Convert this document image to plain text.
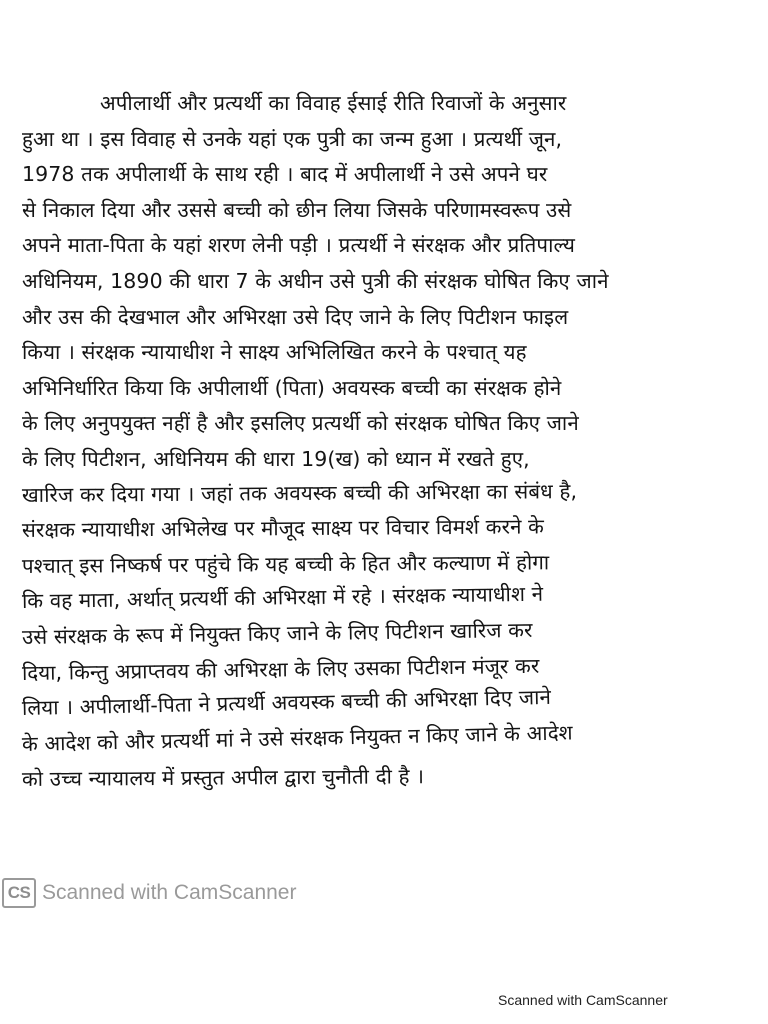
अपीलार्थी और प्रत्यर्थी का विवाह ईसाई रीति रिवाजों के अनुसार
हुआ था । इस विवाह से उनके यहां एक पुत्री का जन्म हुआ । प्रत्यर्थी जून,
1978 तक अपीलार्थी के साथ रही । बाद में अपीलार्थी ने उसे अपने घर
से निकाल दिया और उससे बच्ची को छीन लिया जिसके परिणामस्वरूप उसे
अपने माता-पिता के यहां शरण लेनी पड़ी । प्रत्यर्थी ने संरक्षक और प्रतिपाल्य
अधिनियम, 1890 की धारा 7 के अधीन उसे पुत्री की संरक्षक घोषित किए जाने
और उस की देखभाल और अभिरक्षा उसे दिए जाने के लिए पिटीशन फाइल
किया । संरक्षक न्यायाधीश ने साक्ष्य अभिलिखित करने के पश्चात् यह
अभिनिर्धारित किया कि अपीलार्थी (पिता) अवयस्क बच्ची का संरक्षक होने
के लिए अनुपयुक्त नहीं है और इसलिए प्रत्यर्थी को संरक्षक घोषित किए जाने
के लिए पिटीशन, अधिनियम की धारा 19(ख) को ध्यान में रखते हुए,
खारिज कर दिया गया । जहां तक अवयस्क बच्ची की अभिरक्षा का संबंध है,
संरक्षक न्यायाधीश अभिलेख पर मौजूद साक्ष्य पर विचार विमर्श करने के
पश्चात् इस निष्कर्ष पर पहुंचे कि यह बच्ची के हित और कल्याण में होगा
कि वह माता, अर्थात् प्रत्यर्थी की अभिरक्षा में रहे । संरक्षक न्यायाधीश ने
उसे संरक्षक के रूप में नियुक्त किए जाने के लिए पिटीशन खारिज कर
दिया, किन्तु अप्राप्तवय की अभिरक्षा के लिए उसका पिटीशन मंजूर कर
लिया । अपीलार्थी-पिता ने प्रत्यर्थी अवयस्क बच्ची की अभिरक्षा दिए जाने
के आदेश को और प्रत्यर्थी मां ने उसे संरक्षक नियुक्त न किए जाने के आदेश
को उच्च न्यायालय में प्रस्तुत अपील द्वारा चुनौती दी है ।
CS Scanned with CamScanner
Scanned with CamScanner
